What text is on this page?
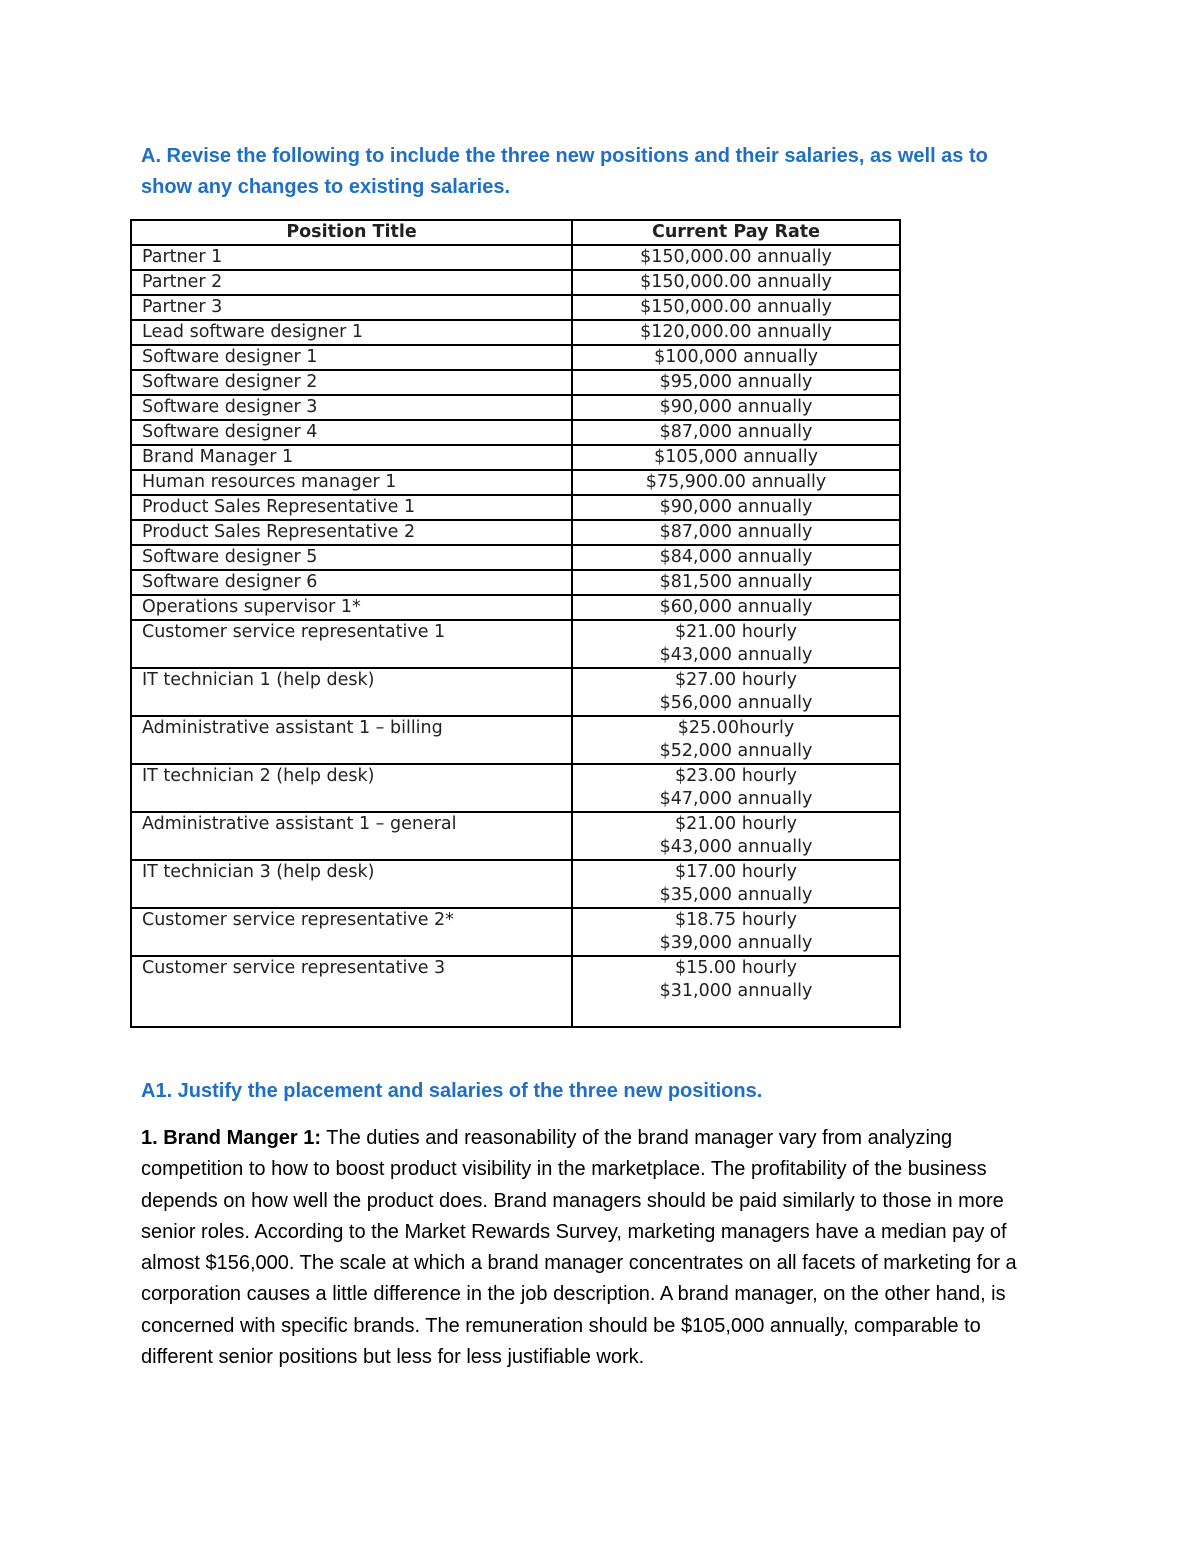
A. Revise the following to include the three new positions and their salaries, as well as to show any changes to existing salaries.
Position Title	Current Pay Rate
Partner 1	$150,000.00 annually

Partner 2	$150,000.00 annually

Partner 3	$150,000.00 annually

Lead software designer 1	$120,000.00 annually

Software designer 1	$100,000 annually

Software designer 2	$95,000 annually

Software designer 3	$90,000 annually

Software designer 4	$87,000 annually

Brand Manager 1	$105,000 annually

Human resources manager 1	$75,900.00 annually

Product Sales Representative 1	$90,000 annually

Product Sales Representative 2	$87,000 annually

Software designer 5	$84,000 annually

Software designer 6	$81,500 annually

Operations supervisor 1*	$60,000 annually

Customer service representative 1	$21.00 hourly
$43,000 annually

IT technician 1 (help desk)	$27.00 hourly
$56,000 annually

Administrative assistant 1 – billing	$25.00hourly
$52,000 annually

IT technician 2 (help desk)	$23.00 hourly
$47,000 annually

Administrative assistant 1 – general	$21.00 hourly
$43,000 annually

IT technician 3 (help desk)	$17.00 hourly
$35,000 annually

Customer service representative 2*	$18.75 hourly
$39,000 annually

Customer service representative 3	$15.00 hourly
$31,000 annually
A1. Justify the placement and salaries of the three new positions.
1. Brand Manger 1: The duties and reasonability of the brand manager vary from analyzing competition to how to boost product visibility in the marketplace. The profitability of the business depends on how well the product does. Brand managers should be paid similarly to those in more senior roles. According to the Market Rewards Survey, marketing managers have a median pay of almost $156,000. The scale at which a brand manager concentrates on all facets of marketing for a corporation causes a little difference in the job description. A brand manager, on the other hand, is concerned with specific brands. The remuneration should be $105,000 annually, comparable to different senior positions but less for less justifiable work.
